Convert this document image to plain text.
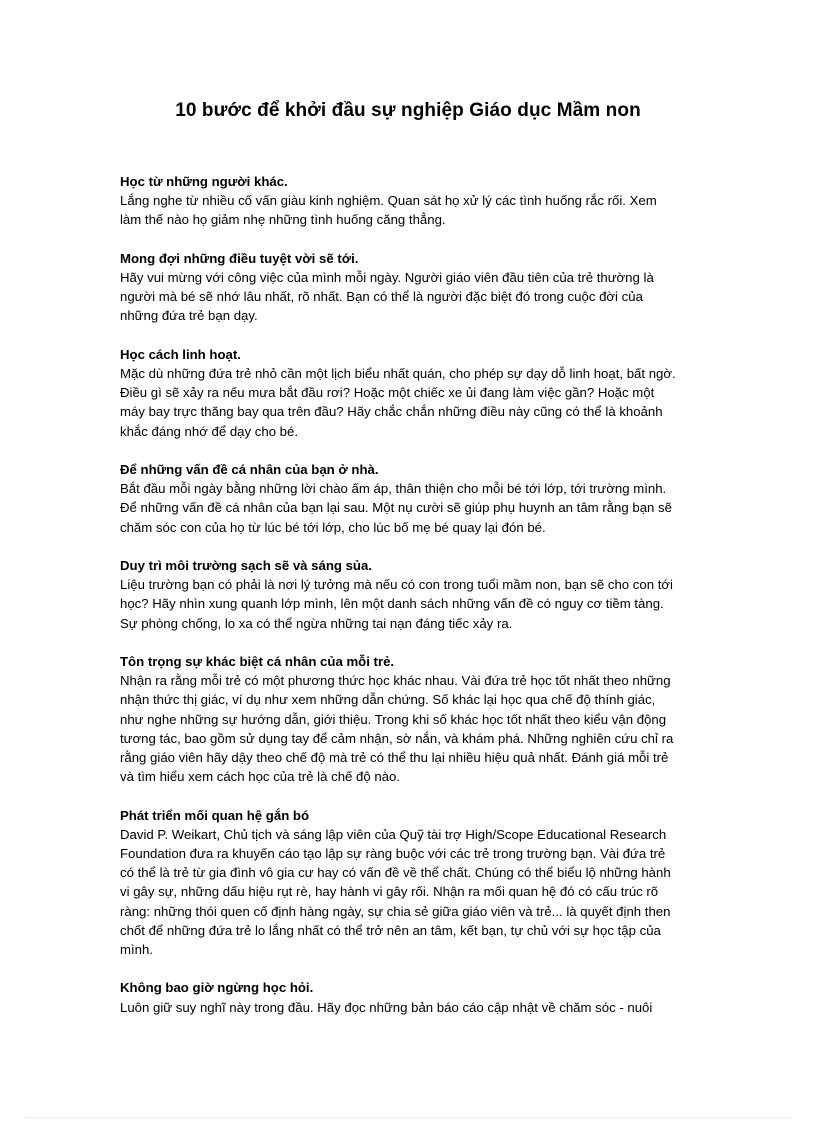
10 bước để khởi đầu sự nghiệp Giáo dục Mầm non
Học từ những người khác.
Lắng nghe từ nhiều cố vấn giàu kinh nghiệm. Quan sát họ xử lý các tình huống rắc rối. Xem
làm thế nào họ giảm nhẹ những tình huống căng thẳng.
Mong đợi những điều tuyệt vời sẽ tới.
Hãy vui mừng với công việc của mình mỗi ngày. Người giáo viên đầu tiên của trẻ thường là
người mà bé sẽ nhớ lâu nhất, rõ nhất. Bạn có thể là người đặc biệt đó trong cuộc đời của
những đứa trẻ bạn dạy.
Học cách linh hoạt.
Mặc dù những đứa trẻ nhỏ cần một lịch biểu nhất quán, cho phép sự dạy dỗ linh hoạt, bất ngờ.
Điều gì sẽ xảy ra nếu mưa bắt đầu rơi? Hoặc một chiếc xe ủi đang làm việc gần? Hoặc một
máy bay trực thăng bay qua trên đầu? Hãy chắc chắn những điều này cũng có thể là khoảnh
khắc đáng nhớ để dạy cho bé.
Để những vấn đề cá nhân của bạn ở nhà.
Bắt đầu mỗi ngày bằng những lời chào ấm áp, thân thiện cho mỗi bé tới lớp, tới trường mình.
Để những vấn đề cá nhân của bạn lại sau. Một nụ cười sẽ giúp phụ huynh an tâm rằng bạn sẽ
chăm sóc con của họ từ lúc bé tới lớp, cho lúc bố mẹ bé quay lại đón bé.
Duy trì môi trường sạch sẽ và sáng sủa.
Liệu trường bạn có phải là nơi lý tưởng mà nếu có con trong tuổi mầm non, bạn sẽ cho con tới
học? Hãy nhìn xung quanh lớp mình, lên một danh sách những vấn đề có nguy cơ tiềm tàng.
Sự phòng chống, lo xa có thể ngừa những tai nạn đáng tiếc xảy ra.
Tôn trọng sự khác biệt cá nhân của mỗi trẻ.
Nhận ra rằng mỗi trẻ có một phương thức học khác nhau. Vài đứa trẻ học tốt nhất theo những
nhận thức thị giác, ví dụ như xem những dẫn chứng. Số khác lại học qua chế độ thính giác,
như nghe những sự hướng dẫn, giới thiệu. Trong khi số khác học tốt nhất theo kiểu vận động
tương tác, bao gồm sử dụng tay để cảm nhận, sờ nắn, và khám phá. Những nghiên cứu chỉ ra
rằng giáo viên hãy dậy theo chế độ mà trẻ có thể thu lại nhiều hiệu quả nhất. Đánh giá mỗi trẻ
và tìm hiểu xem cách học của trẻ là chế độ nào.
Phát triển mối quan hệ gắn bó
David P. Weikart, Chủ tịch và sáng lập viên của Quỹ tài trợ High/Scope Educational Research
Foundation đưa ra khuyến cáo tạo lập sự ràng buộc với các trẻ trong trường bạn. Vài đứa trẻ
có thể là trẻ từ gia đình vô gia cư hay có vấn đề về thể chất. Chúng có thể biểu lộ những hành
vi gây sự, những dấu hiệu rụt rè, hay hành vi gây rối. Nhận ra mối quan hệ đó có cấu trúc rõ
ràng: những thói quen cố định hàng ngày, sự chia sẻ giữa giáo viên và trẻ... là quyết định then
chốt để những đứa trẻ lo lắng nhất có thể trở nên an tâm, kết bạn, tự chủ với sự học tập của
mình.
Không bao giờ ngừng học hỏi.
Luôn giữ suy nghĩ này trong đầu. Hãy đọc những bản báo cáo cập nhật về chăm sóc - nuôi
